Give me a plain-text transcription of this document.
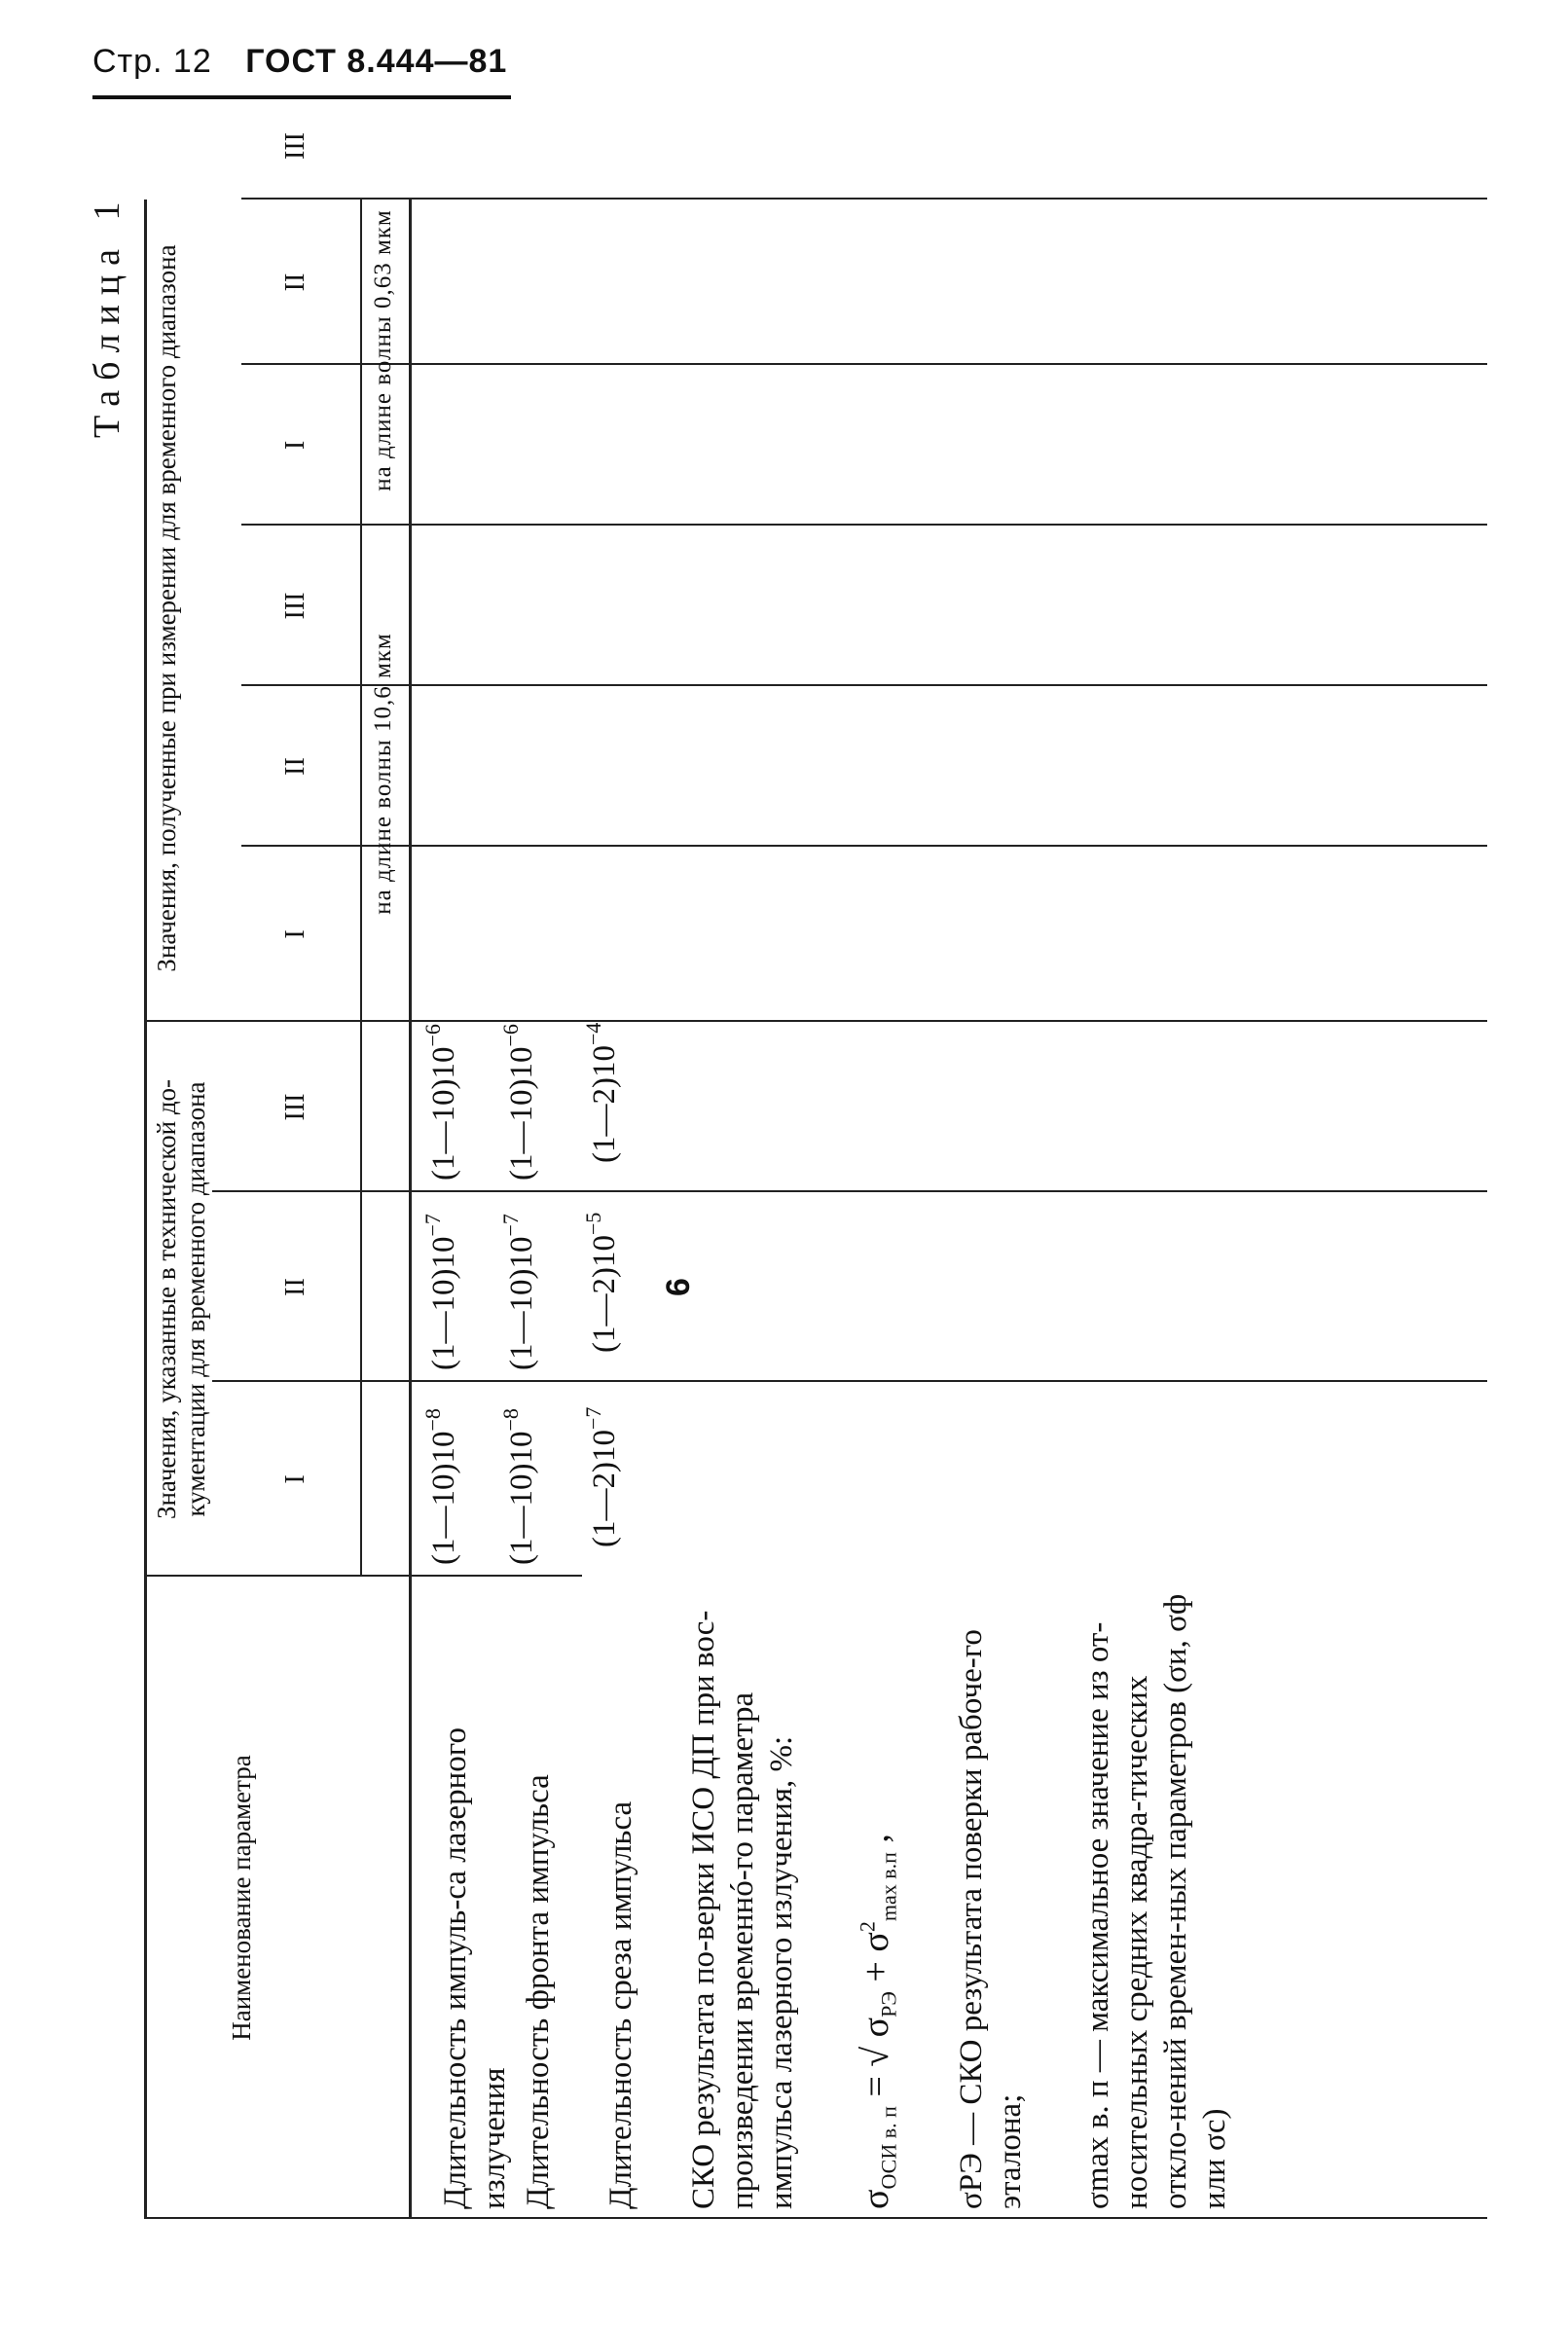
Стр. 12 ГОСТ 8.444—81
Таблица 1
Наименование параметра
Значения, указанные в технической до-кументации для временного диапазона
Значения, полученные при измерении для временного диапазона
I
II
III
I
II
III
I
II
III
на длине волны 10,6 мкм
на длине волны 0,63 мкм
Длительность импуль-са лазерного излучения Длительность фронта импульса Длительность среза импульса СКО результата по-верки ИСО ДП при вос-произведении временнó-го параметра импульса лазерного излучения, %: $\sigma_{ОСИ в. п}$ = √ $\sigma_{РЭ} + \sigma^2_{max в.п}$ , σРЭ — СКО результата поверки рабоче-го эталона; σmax в. п — максимальное значение из от-носительных средних квадра-тических откло-нений времен-ных параметров (σи, σф или σc)
$(1—10)10^{-8}$
$(1—10)10^{-7}$
$(1—10)10^{-6}$
$(1—10)10^{-8}$
$(1—10)10^{-7}$
$(1—10)10^{-6}$
$(1—2)10^{-7}$
$(1—2)10^{-5}$
$(1—2)10^{-4}$
6
